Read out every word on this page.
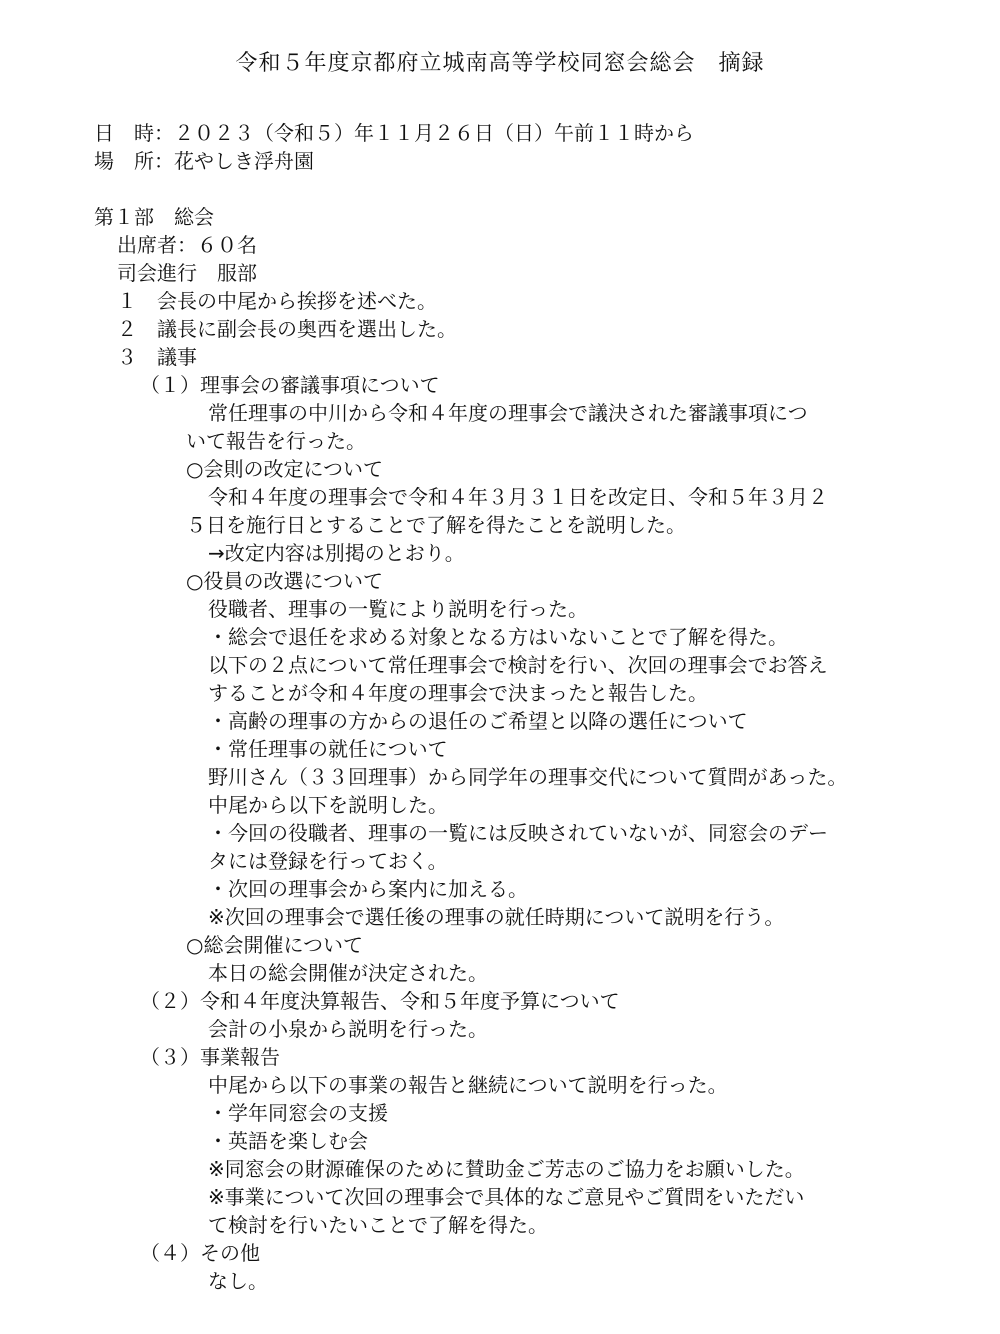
令和５年度京都府立城南高等学校同窓会総会　摘録
日　時：２０２３（令和５）年１１月２６日（日）午前１１時から
場　所：花やしき浮舟園
第１部　総会
出席者：６０名
司会進行　服部
１　会長の中尾から挨拶を述べた。
２　議長に副会長の奥西を選出した。
３　議事
（１）理事会の審議事項について
常任理事の中川から令和４年度の理事会で議決された審議事項につ
いて報告を行った。
○会則の改定について
令和４年度の理事会で令和４年３月３１日を改定日、令和５年３月２
５日を施行日とすることで了解を得たことを説明した。
→改定内容は別掲のとおり。
○役員の改選について
役職者、理事の一覧により説明を行った。
・総会で退任を求める対象となる方はいないことで了解を得た。
以下の２点について常任理事会で検討を行い、次回の理事会でお答え
することが令和４年度の理事会で決まったと報告した。
・高齢の理事の方からの退任のご希望と以降の選任について
・常任理事の就任について
野川さん（３３回理事）から同学年の理事交代について質問があった。
中尾から以下を説明した。
・今回の役職者、理事の一覧には反映されていないが、同窓会のデー
タには登録を行っておく。
・次回の理事会から案内に加える。
※次回の理事会で選任後の理事の就任時期について説明を行う。
○総会開催について
本日の総会開催が決定された。
（２）令和４年度決算報告、令和５年度予算について
会計の小泉から説明を行った。
（３）事業報告
中尾から以下の事業の報告と継続について説明を行った。
・学年同窓会の支援
・英語を楽しむ会
※同窓会の財源確保のために賛助金ご芳志のご協力をお願いした。
※事業について次回の理事会で具体的なご意見やご質問をいただい
て検討を行いたいことで了解を得た。
（４）その他
なし。
